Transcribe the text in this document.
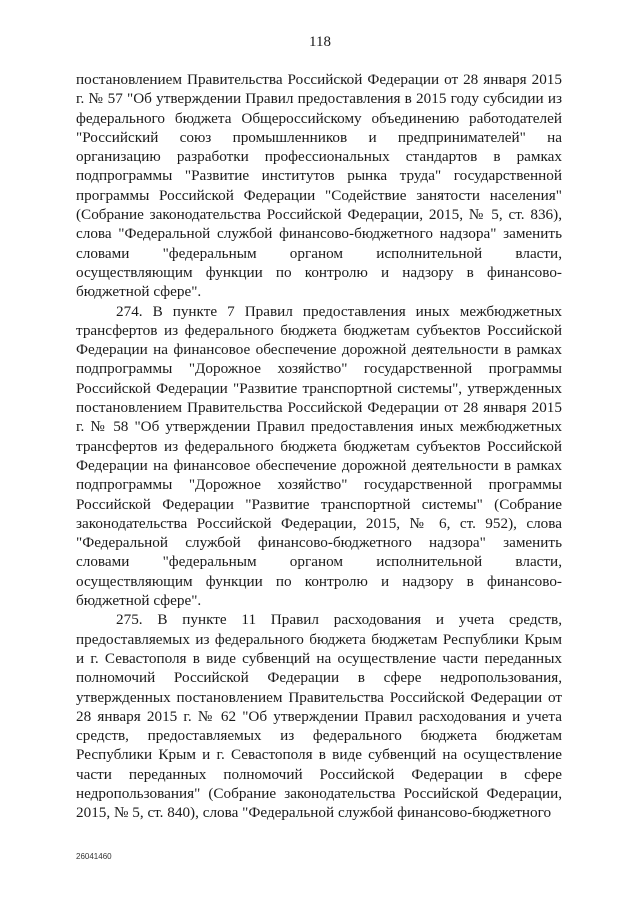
118

постановлением Правительства Российской Федерации от 28 января 2015 г. № 57 "Об утверждении Правил предоставления в 2015 году субсидии из федерального бюджета Общероссийскому объединению работодателей "Российский союз промышленников и предпринимателей" на организацию разработки профессиональных стандартов в рамках подпрограммы "Развитие институтов рынка труда" государственной программы Российской Федерации "Содействие занятости населения" (Собрание законодательства Российской Федерации, 2015, № 5, ст. 836), слова "Федеральной службой финансово-бюджетного надзора" заменить словами "федеральным органом исполнительной власти, осуществляющим функции по контролю и надзору в финансово-бюджетной сфере".

274. В пункте 7 Правил предоставления иных межбюджетных трансфертов из федерального бюджета бюджетам субъектов Российской Федерации на финансовое обеспечение дорожной деятельности в рамках подпрограммы "Дорожное хозяйство" государственной программы Российской Федерации "Развитие транспортной системы", утвержденных постановлением Правительства Российской Федерации от 28 января 2015 г. № 58 "Об утверждении Правил предоставления иных межбюджетных трансфертов из федерального бюджета бюджетам субъектов Российской Федерации на финансовое обеспечение дорожной деятельности в рамках подпрограммы "Дорожное хозяйство" государственной программы Российской Федерации "Развитие транспортной системы" (Собрание законодательства Российской Федерации, 2015, № 6, ст. 952), слова "Федеральной службой финансово-бюджетного надзора" заменить словами "федеральным органом исполнительной власти, осуществляющим функции по контролю и надзору в финансово-бюджетной сфере".

275. В пункте 11 Правил расходования и учета средств, предоставляемых из федерального бюджета бюджетам Республики Крым и г. Севастополя в виде субвенций на осуществление части переданных полномочий Российской Федерации в сфере недропользования, утвержденных постановлением Правительства Российской Федерации от 28 января 2015 г. № 62 "Об утверждении Правил расходования и учета средств, предоставляемых из федерального бюджета бюджетам Республики Крым и г. Севастополя в виде субвенций на осуществление части переданных полномочий Российской Федерации в сфере недропользования" (Собрание законодательства Российской Федерации, 2015, № 5, ст. 840), слова "Федеральной службой финансово-бюджетного

26041460
